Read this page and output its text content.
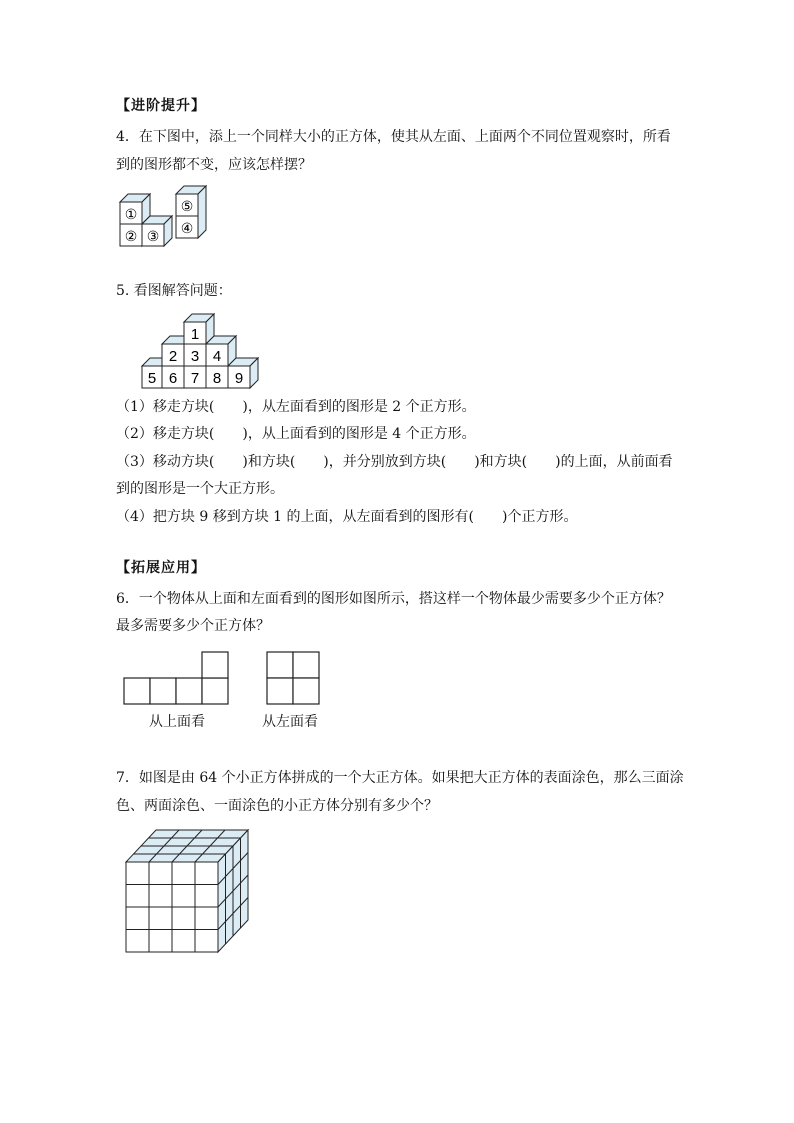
【进阶提升】
4．在下图中，添上一个同样大小的正方体，使其从左面、上面两个不同位置观察时，所看
到的图形都不变，应该怎样摆？
①
② ③
⑤
④
5. 看图解答问题：
1
2 3 4
5 6 7 8 9
（1）移走方块(　　)，从左面看到的图形是 2 个正方形。
（2）移走方块(　　)，从上面看到的图形是 4 个正方形。
（3）移动方块(　　)和方块(　　)，并分别放到方块(　　)和方块(　　)的上面，从前面看
到的图形是一个大正方形。
（4）把方块 9 移到方块 1 的上面，从左面看到的图形有(　　)个正方形。
【拓展应用】
6．一个物体从上面和左面看到的图形如图所示，搭这样一个物体最少需要多少个正方体？
最多需要多少个正方体？
从上面看	从左面看
7．如图是由 64 个小正方体拼成的一个大正方体。如果把大正方体的表面涂色，那么三面涂
色、两面涂色、一面涂色的小正方体分别有多少个？
